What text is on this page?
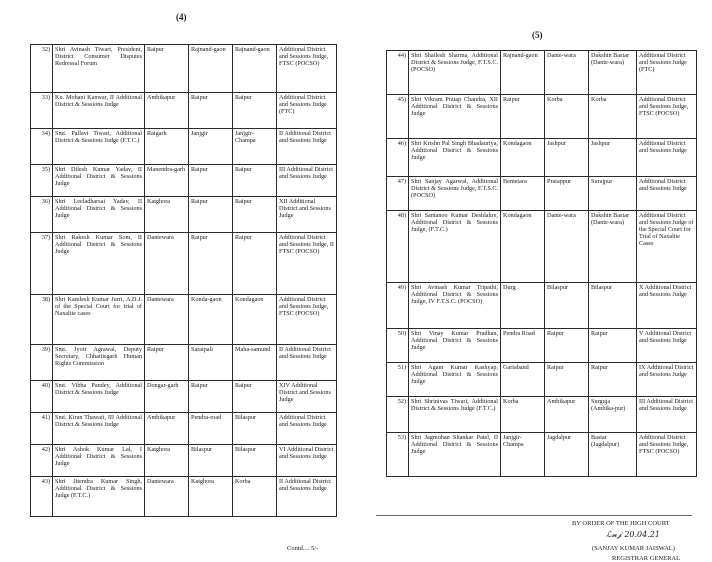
(4)
32)	Shri Avinash Tiwari, President, District Consumer Disputes Redressal Forum	Raipur	Rajnand-gaon	Rajnand-gaon	Additional District and Sessions Judge, FTSC (POCSO)
33)	Ku. Mohani Kanwar, II Additional District & Sessions Judge	Ambikapur	Raipur	Raipur	Additional District and Sessions Judge (FTC)
34)	Smt. Pallavi Tiwari, Additional District & Sessions Judge (F.T.C.)	Raigarh	Janjgir	Janjgir-Champa	II Additional District and Sessions Judge
35)	Shri Dilesh Kumar Yadav, II Additional District & Sessions Judge	Manendra-garh	Raipur	Raipur	III Additional District and Sessions Judge
36)	Shri Leeladharsai Yadav, II Additional District & Sessions Judge	Katghora	Raipur	Raipur	XII Additional District and Sessions Judge
37)	Shri Rakesh Kumar Som, II Additional District & Sessions Judge	Dantewara	Raipur	Raipur	Additional District and Sessions Judge, II FTSC (POCSO)
38)	Shri Kamlesh Kumar Jurri, A.D.J. of the Special Court for trial of Naxalite cases	Dantewara	Konda-gaon	Kondagaon	Additional District and Sessions Judge, FTSC (POCSO)
39)	Smt. Jyoti Agrawal, Deputy Secretary, Chhattisgarh Human Rights Commission	Raipur	Saraipali	Maha-samund	II Additional District and Sessions Judge
40)	Smt. Vibha Pandey, Additional District & Sessions Judge	Dongar-garh	Raipur	Raipur	XIV Additional District and Sessions Judge
41)	Smt. Kiran Thawait, III Additional District & Sessions Judge	Ambikapur	Pendra-road	Bilaspur	Additional District and Sessions Judge
42)	Shri Ashok Kumar Lal, I Additional District & Sessions Judge	Katghora	Bilaspur	Bilaspur	VI Additional District and Sessions Judge
43)	Shri Jitendra Kumar Singh, Additional District & Sessions Judge (F.T.C.)	Dantewara	Katghora	Korba	II Additional District and Sessions Judge
Contd.... 5/-
(5)
44)	Shri Shailesh Sharma, Additional District & Sessions Judge, F.T.S.C. (POCSO)	Rajnand-gaon	Dante-wara	Dakshin Bastar (Dante-wara)	Additional District and Sessions Judge (FTC)
45)	Shri Vikram Pratap Chandra, XII Additional District & Sessions Judge	Raipur	Korba	Korba	Additional District and Sessions Judge, FTSC (POCSO)
46)	Shri Krishn Pal Singh Bhadauriya, Additional District & Sessions Judge	Kondagaon	Jashpur	Jashpur	Additional District and Sessions Judge
47)	Shri Sanjay Agarwal, Additional District & Sessions Judge, F.T.S.C. (POCSO)	Bemetara	Pratappur	Surajpur	Additional District and Sessions Judge
48)	Shri Santanoo Kumar Deshlahre, Additional District & Sessions Judge, (F.T.C.)	Kondagaon	Dante-wara	Dakshin Bastar (Dante-wara)	Additional District and Sessions Judge of the Special Court for Trial of Naxalite Cases
49)	Shri Avinash Kumar Tripathi, Additional District & Sessions Judge, IV F.T.S.C. (POCSO)	Durg	Bilaspur	Bilaspur	X Additional District and Sessions Judge
50)	Shri Vinay Kumar Pradhan, Additional District & Sessions Judge	Pendra Road	Raipur	Raipur	V Additional District and Sessions Judge
51)	Shri Agam Kumar Kashyap, Additional District & Sessions Judge	Gariaband	Raipur	Raipur	IX Additional District and Sessions Judge
52)	Shri Shrinivas Tiwari, Additional District & Sessions Judge (F.T.C.)	Korba	Ambikapur	Surguja (Ambika-pur)	III Additional District and Sessions Judge
53)	Shri Jagmohan Shankar Patel, II Additional District & Sessions Judge	Janjgir-Champa	Jagdalpur	Bastar (Jagdalpur)	Additional District and Sessions Judge, FTSC (POCSO)
BY ORDER OF THE HIGH COURT
ℒ𝓷𝓳 20.04.21
(SANJAY KUMAR JAISWAL)
REGISTRAR GENERAL
